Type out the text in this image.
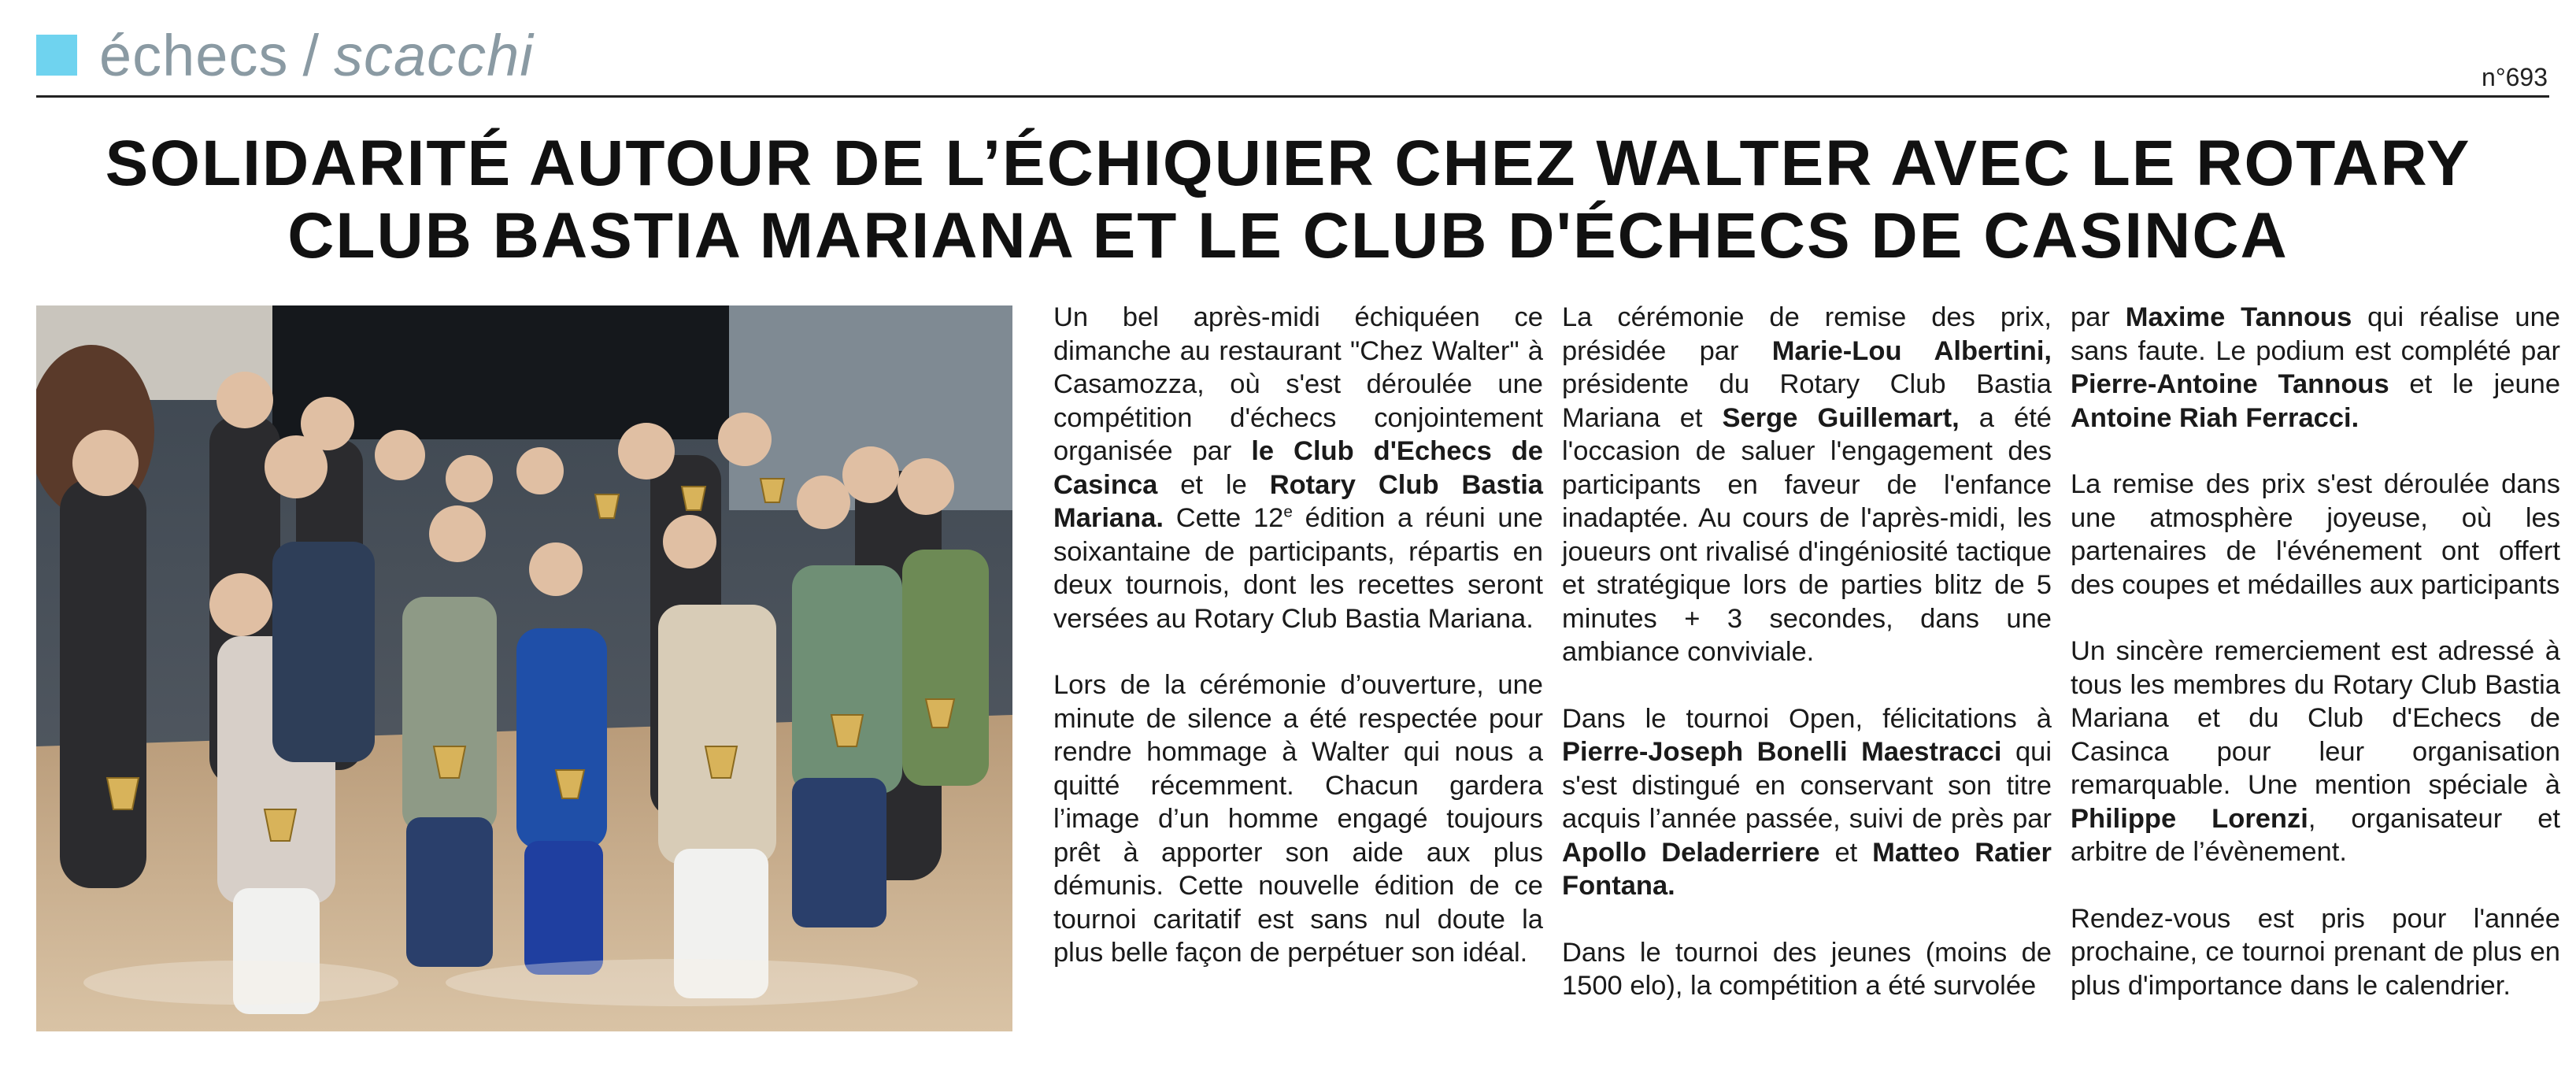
échecs / scacchi	n°693
SOLIDARITÉ AUTOUR DE L’ÉCHIQUIER CHEZ WALTER AVEC LE ROTARY CLUB BASTIA MARIANA ET LE CLUB D'ÉCHECS DE CASINCA

Un bel après-midi échiquéen ce dimanche au restaurant "Chez Walter" à Casamozza, où s'est déroulée une compétition d'échecs conjointement organisée par le Club d'Echecs de Casinca et le Rotary Club Bastia Mariana. Cette 12e édition a réuni une soixantaine de participants, répartis en deux tournois, dont les recettes seront versées au Rotary Club Bastia Mariana.

Lors de la cérémonie d’ouverture, une minute de silence a été respectée pour rendre hommage à Walter qui nous a quitté récemment. Chacun gardera l’image d’un homme engagé toujours prêt à apporter son aide aux plus démunis. Cette nouvelle édition de ce tournoi caritatif est sans nul doute la plus belle façon de perpétuer son idéal.

La cérémonie de remise des prix, présidée par Marie-Lou Albertini, présidente du Rotary Club Bastia Mariana et Serge Guillemart, a été l'occasion de saluer l'engagement des participants en faveur de l'enfance inadaptée. Au cours de l'après-midi, les joueurs ont rivalisé d'ingéniosité tactique et stratégique lors de parties blitz de 5 minutes + 3 secondes, dans une ambiance conviviale.

Dans le tournoi Open, félicitations à Pierre-Joseph Bonelli Maestracci qui s'est distingué en conservant son titre acquis l’année passée, suivi de près par Apollo Deladerriere et Matteo Ratier Fontana.

Dans le tournoi des jeunes (moins de 1500 elo), la compétition a été survolée

par Maxime Tannous qui réalise une sans faute. Le podium est complété par Pierre-Antoine Tannous et le jeune Antoine Riah Ferracci.

La remise des prix s'est déroulée dans une atmosphère joyeuse, où les partenaires de l'événement ont offert des coupes et médailles aux participants

Un sincère remerciement est adressé à tous les membres du Rotary Club Bastia Mariana et du Club d'Echecs de Casinca pour leur organisation remarquable. Une mention spéciale à Philippe Lorenzi, organisateur et arbitre de l’évènement.

Rendez-vous est pris pour l'année prochaine, ce tournoi prenant de plus en plus d'importance dans le calendrier.
